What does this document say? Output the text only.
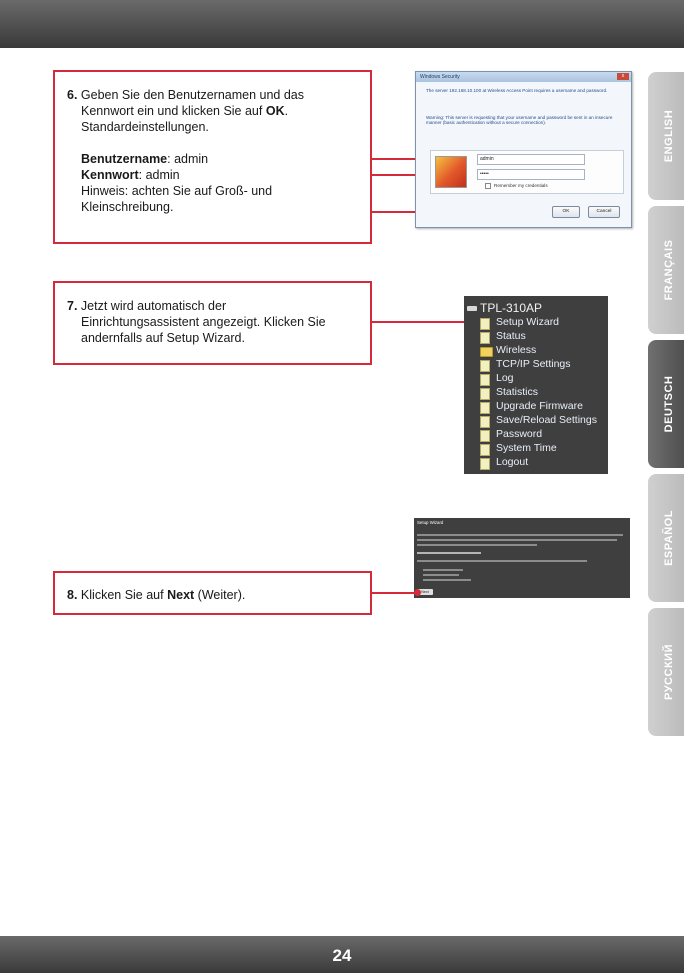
ENGLISH
FRANÇAIS
DEUTSCH
ESPAÑOL
РУССКИЙ

6. Geben Sie den Benutzernamen und das

Kennwort ein und klicken Sie auf OK.

Standardeinstellungen.

Benutzername: admin

Kennwort: admin

Hinweis: achten Sie auf Groß- und

Kleinschreibung.

Windows Security	x
The server 192.168.10.100 at Wireless Access Point requires a username and password.
Warning: This server is requesting that your username and password be sent in an insecure manner (basic authentication without a secure connection).
admin
•••••
Remember my credentials
OK	Cancel

7. Jetzt wird automatisch der

Einrichtungsassistent angezeigt. Klicken Sie

andernfalls auf Setup Wizard.

TPL-310AP
Setup Wizard
Status
Wireless
TCP/IP Settings
Log
Statistics
Upgrade Firmware
Save/Reload Settings
Password
System Time
Logout
Setup Wizard
Next

8. Klicken Sie auf Next (Weiter).

24
